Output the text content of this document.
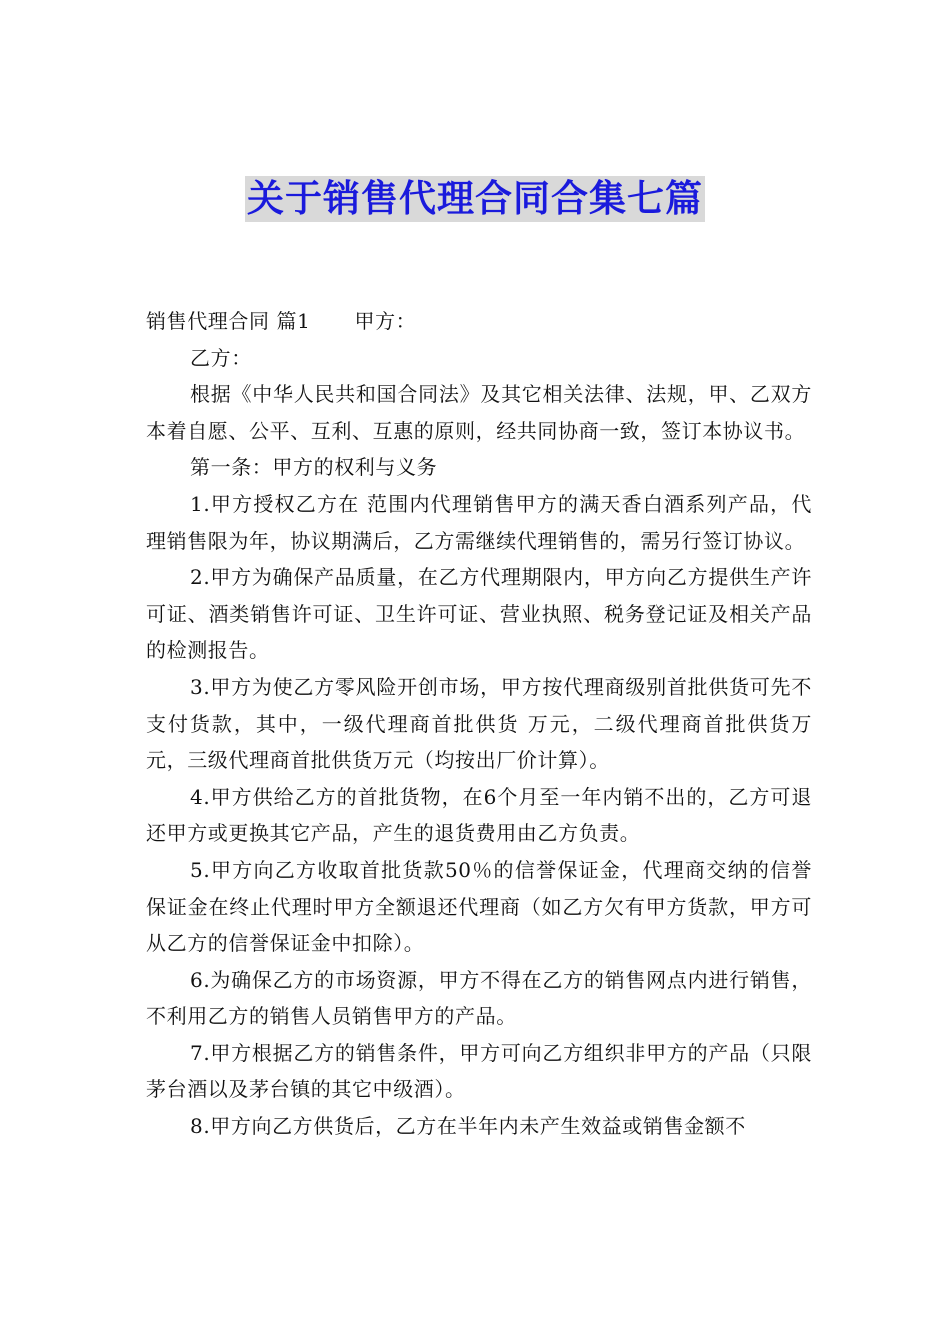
关于销售代理合同合集七篇

销售代理合同 篇1 甲方：

乙方：

根据《中华人民共和国合同法》及其它相关法律、法规，甲、乙双方本着自愿、公平、互利、互惠的原则，经共同协商一致，签订本协议书。

第一条：甲方的权利与义务

1.甲方授权乙方在 范围内代理销售甲方的满天香白酒系列产品，代理销售限为年，协议期满后，乙方需继续代理销售的，需另行签订协议。

2.甲方为确保产品质量，在乙方代理期限内，甲方向乙方提供生产许可证、酒类销售许可证、卫生许可证、营业执照、税务登记证及相关产品的检测报告。

3.甲方为使乙方零风险开创市场，甲方按代理商级别首批供货可先不支付货款，其中，一级代理商首批供货 万元，二级代理商首批供货万元，三级代理商首批供货万元（均按出厂价计算）。

4.甲方供给乙方的首批货物，在6个月至一年内销不出的，乙方可退还甲方或更换其它产品，产生的退货费用由乙方负责。

5.甲方向乙方收取首批货款50％的信誉保证金，代理商交纳的信誉保证金在终止代理时甲方全额退还代理商（如乙方欠有甲方货款，甲方可从乙方的信誉保证金中扣除）。

6.为确保乙方的市场资源，甲方不得在乙方的销售网点内进行销售，不利用乙方的销售人员销售甲方的产品。

7.甲方根据乙方的销售条件，甲方可向乙方组织非甲方的产品（只限茅台酒以及茅台镇的其它中级酒）。

8.甲方向乙方供货后，乙方在半年内未产生效益或销售金额不
